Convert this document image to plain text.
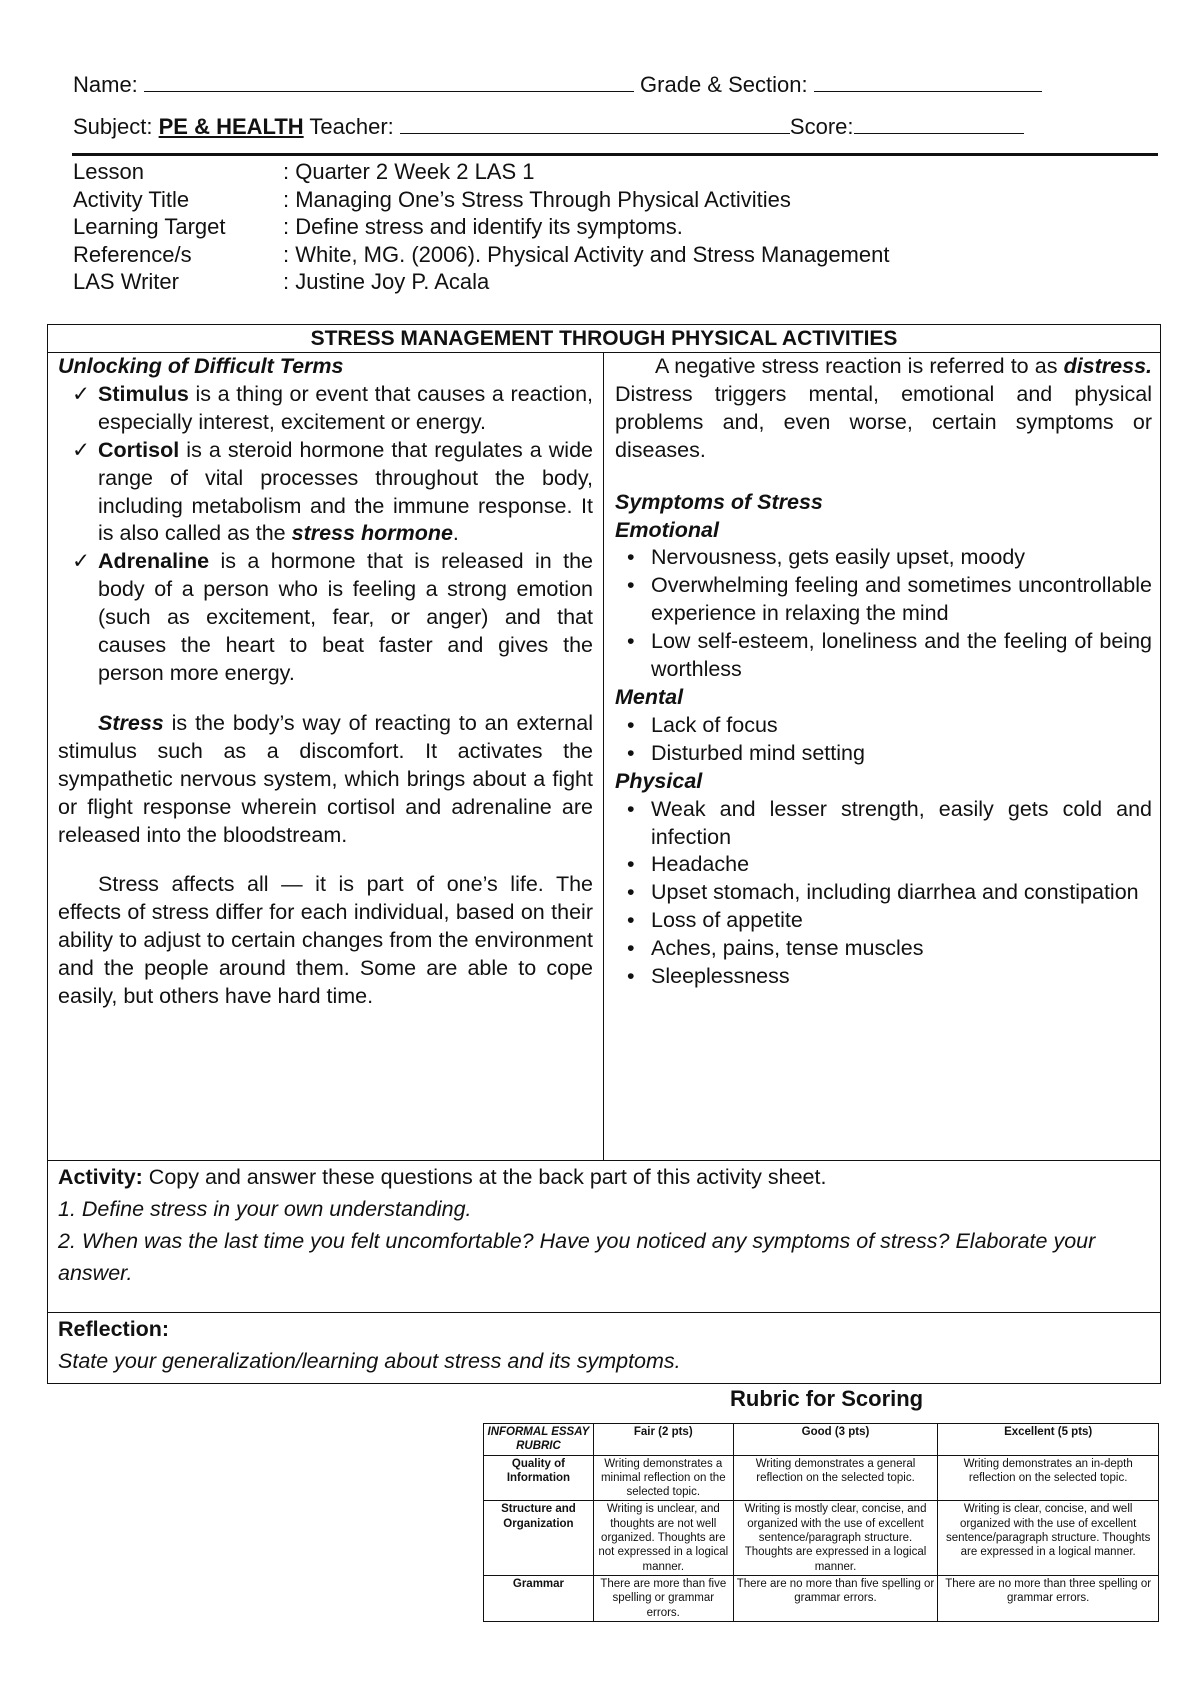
Name:	Grade & Section:
Subject: PE & HEALTH Teacher:	Score:
Lesson	: Quarter 2 Week 2 LAS 1
Activity Title	: Managing One’s Stress Through Physical Activities
Learning Target	: Define stress and identify its symptoms.
Reference/s	: White, MG. (2006). Physical Activity and Stress Management
LAS Writer	: Justine Joy P. Acala
STRESS MANAGEMENT THROUGH PHYSICAL ACTIVITIES
Unlocking of Difficult Terms
✓ Stimulus is a thing or event that causes a reaction, especially interest, excitement or energy.
✓ Cortisol is a steroid hormone that regulates a wide range of vital processes throughout the body, including metabolism and the immune response. It is also called as the stress hormone.
✓ Adrenaline is a hormone that is released in the body of a person who is feeling a strong emotion (such as excitement, fear, or anger) and that causes the heart to beat faster and gives the person more energy.
Stress is the body’s way of reacting to an external stimulus such as a discomfort. It activates the sympathetic nervous system, which brings about a fight or flight response wherein cortisol and adrenaline are released into the bloodstream.
Stress affects all — it is part of one’s life. The effects of stress differ for each individual, based on their ability to adjust to certain changes from the environment and the people around them. Some are able to cope easily, but others have hard time.
A negative stress reaction is referred to as distress. Distress triggers mental, emotional and physical problems and, even worse, certain symptoms or diseases.
Symptoms of Stress
Emotional
• Nervousness, gets easily upset, moody
• Overwhelming feeling and sometimes uncontrollable experience in relaxing the mind
• Low self-esteem, loneliness and the feeling of being worthless
Mental
• Lack of focus
• Disturbed mind setting
Physical
• Weak and lesser strength, easily gets cold and infection
• Headache
• Upset stomach, including diarrhea and constipation
• Loss of appetite
• Aches, pains, tense muscles
• Sleeplessness
Activity: Copy and answer these questions at the back part of this activity sheet.
1. Define stress in your own understanding.
2. When was the last time you felt uncomfortable? Have you noticed any symptoms of stress? Elaborate your answer.
Reflection:
State your generalization/learning about stress and its symptoms.
Rubric for Scoring
INFORMAL ESSAY RUBRIC	Fair (2 pts)	Good (3 pts)	Excellent (5 pts)
Quality of Information	Writing demonstrates a minimal reflection on the selected topic.	Writing demonstrates a general reflection on the selected topic.	Writing demonstrates an in-depth reflection on the selected topic.
Structure and Organization	Writing is unclear, and thoughts are not well organized. Thoughts are not expressed in a logical manner.	Writing is mostly clear, concise, and organized with the use of excellent sentence/paragraph structure. Thoughts are expressed in a logical manner.	Writing is clear, concise, and well organized with the use of excellent sentence/paragraph structure. Thoughts are expressed in a logical manner.
Grammar	There are more than five spelling or grammar errors.	There are no more than five spelling or grammar errors.	There are no more than three spelling or grammar errors.
